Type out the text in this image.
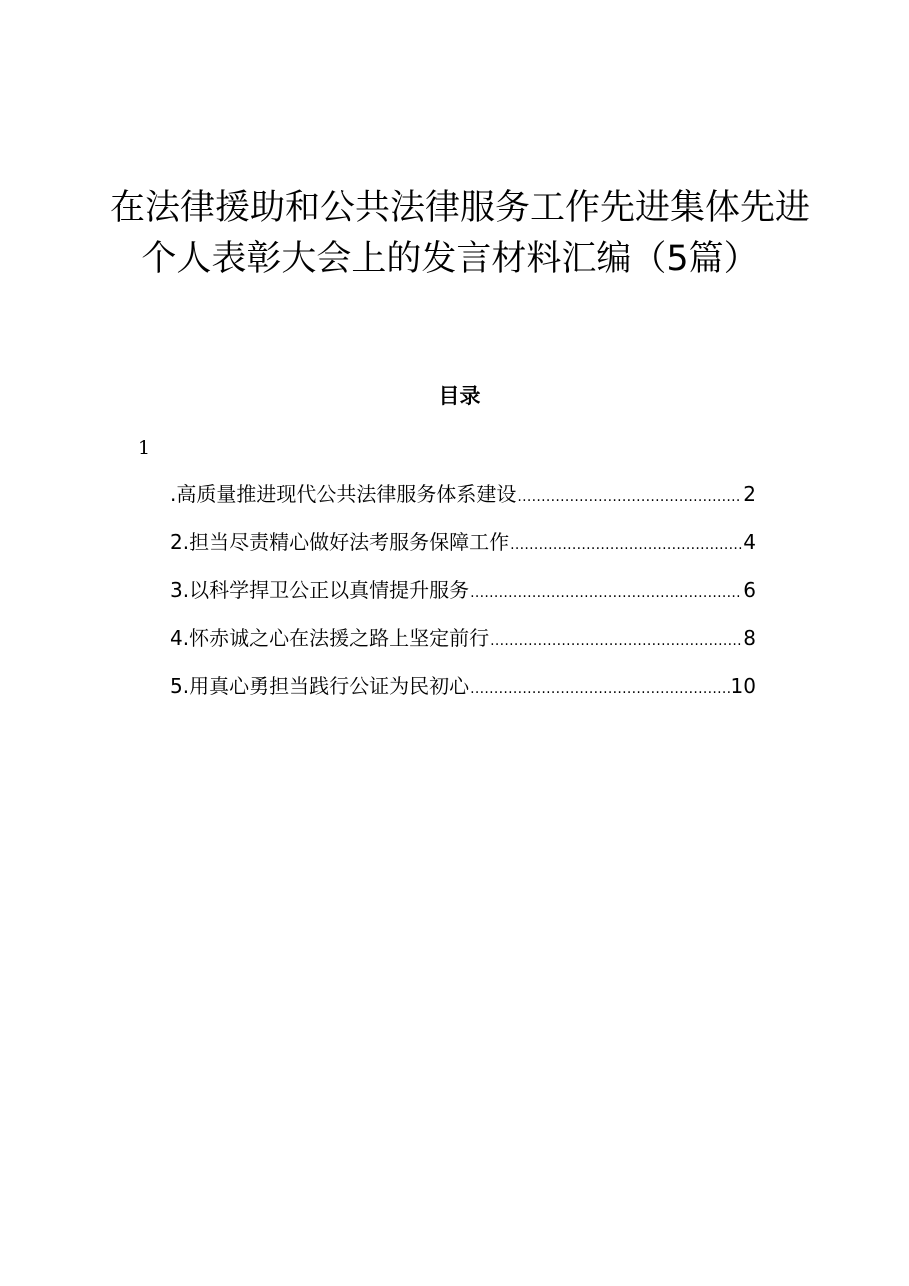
在法律援助和公共法律服务工作先进集体先进
个人表彰大会上的发言材料汇编（5篇）
目录
1
.高质量推进现代公共法律服务体系建设 .....	2
2.担当尽责精心做好法考服务保障工作 .....	4
3.以科学捍卫公正以真情提升服务 .....	6
4.怀赤诚之心在法援之路上坚定前行 .....	8
5.用真心勇担当践行公证为民初心 .....	10
